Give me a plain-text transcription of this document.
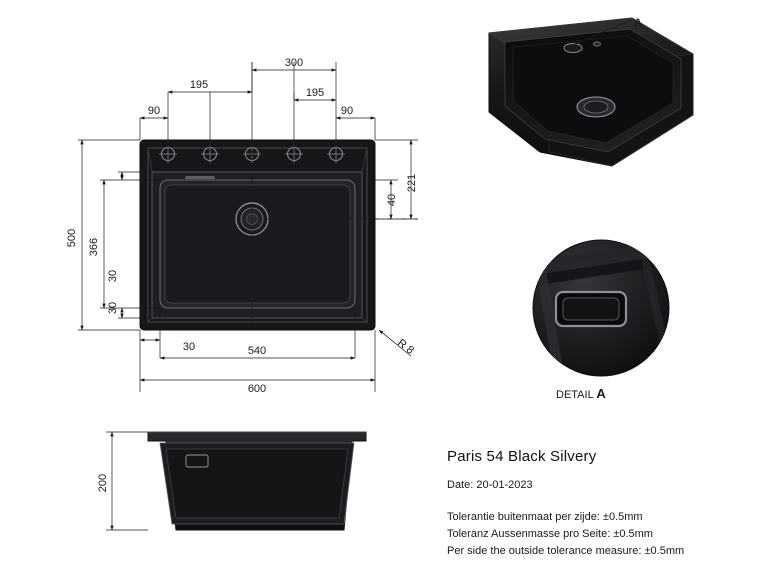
195
300
195
90	90
221
40
500 366
30
30
30	540
600
R 10
R 8
200
A
DETAIL A
Paris 54 Black Silvery
Date: 20-01-2023
Tolerantie buitenmaat per zijde: ±0.5mm
Toleranz Aussenmasse pro Seite: ±0.5mm
Per side the outside tolerance measure: ±0.5mm
